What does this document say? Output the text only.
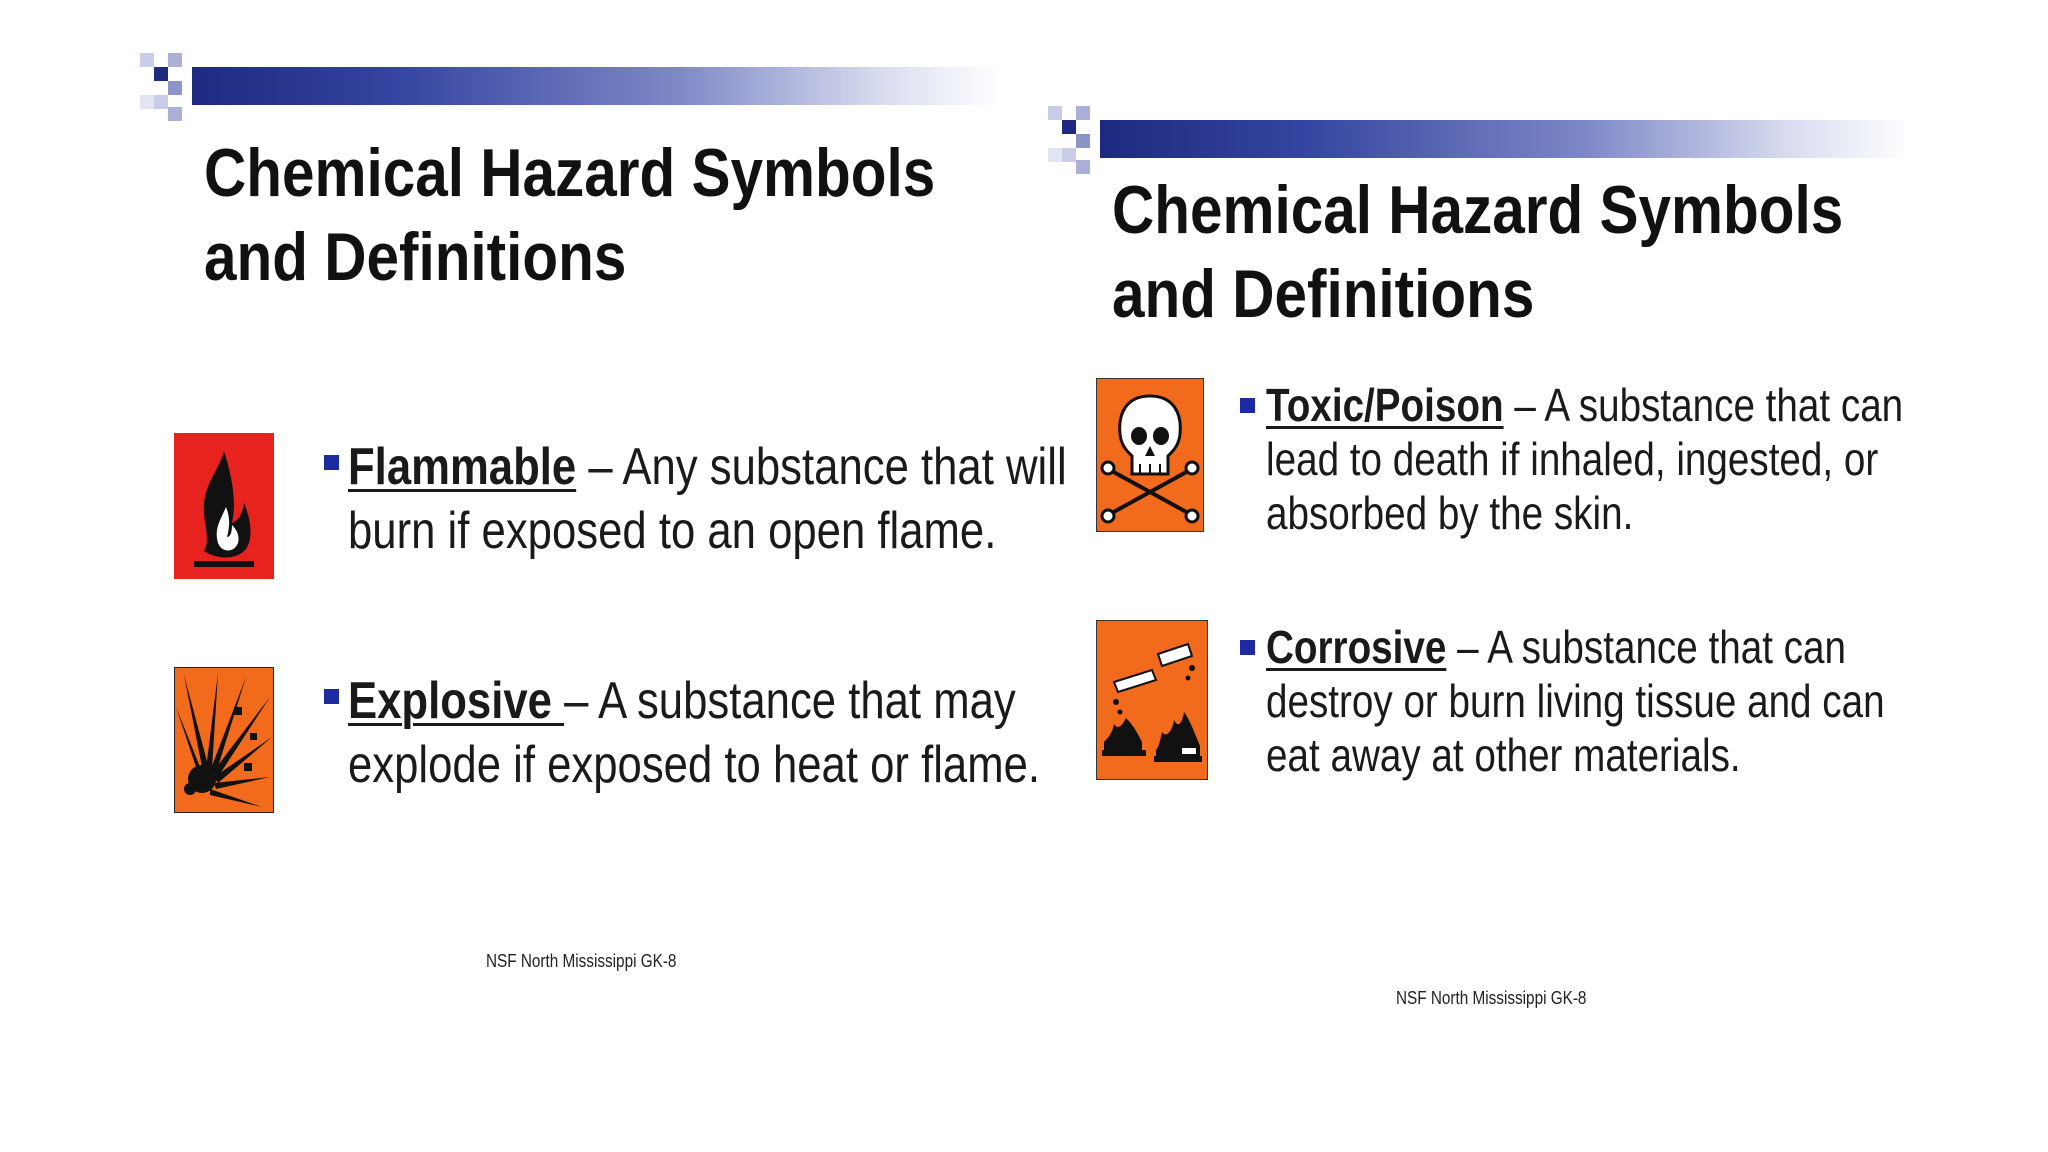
Chemical Hazard Symbols
and Definitions

Flammable – Any substance that will
burn if exposed to an open flame.

Explosive – A substance that may
explode if exposed to heat or flame.

NSF North Mississippi GK-8
Chemical Hazard Symbols
and Definitions

Toxic/Poison – A substance that can
lead to death if inhaled, ingested, or
absorbed by the skin.

Corrosive – A substance that can
destroy or burn living tissue and can
eat away at other materials.

NSF North Mississippi GK-8
